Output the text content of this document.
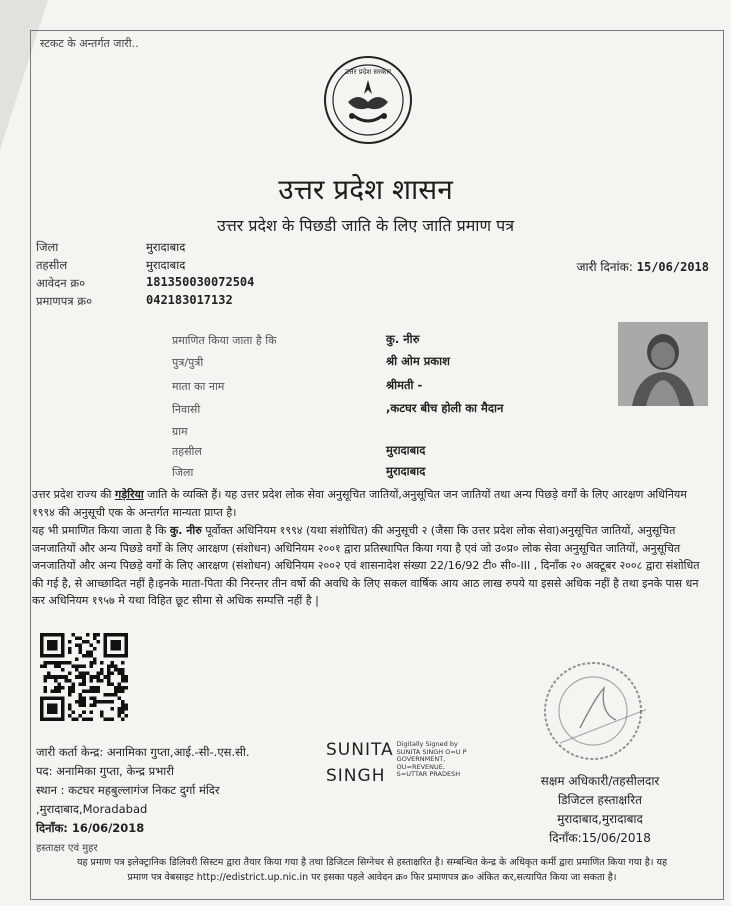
स्टकट के अन्तर्गत जारी..
उत्तर प्रदेश सरकार
उत्तर प्रदेश शासन
उत्तर प्रदेश के पिछडी जाति के लिए जाति प्रमाण पत्र
जिला	मुरादाबाद
तहसील	मुरादाबाद
आवेदन क्र०	181350030072504
प्रमाणपत्र क्र०	042183017132
जारी दिनांक: 15/06/2018
प्रमाणित किया जाता है कि	कु. नीरु
पुत्र/पुत्री	श्री ओम प्रकाश
माता का नाम	श्रीमती -
निवासी	,कटघर बीच होली का मैदान
ग्राम
तहसील	मुरादाबाद
जिला	मुरादाबाद
उत्तर प्रदेश राज्य की गड़ेरिया जाति के व्यक्ति हैं। यह उत्तर प्रदेश लोक सेवा अनुसूचित जातियों,अनुसूचित जन जातियों तथा अन्य पिछड़े वर्गों के लिए आरक्षण अधिनियम १९९४ की अनुसूची एक के अन्तर्गत मान्यता प्राप्त है।
यह भी प्रमाणित किया जाता है कि कु. नीरु पूर्वोक्त अधिनियम १९९४ (यथा संशोधित) की अनुसूची २ (जैसा कि उत्तर प्रदेश लोक सेवा)अनुसूचित जातियों, अनुसूचित जनजातियों और अन्य पिछडे वर्गों के लिए आरक्षण (संशोधन) अधिनियम २००१ द्वारा प्रतिस्थापित किया गया है एवं जो उ०प्र० लोक सेवा अनुसूचित जातियों, अनुसूचित जनजातियों और अन्य पिछड़े वर्गों के लिए आरक्षण (संशोधन) अधिनियम २००२ एवं शासनादेश संख्या 22/16/92 टी० सी०-III , दिनाँक २० अक्टूबर २००८ द्वारा संशोधित की गई है, से आच्छादित नहीं है।इनके माता-पिता की निरन्तर तीन वर्षो की अवधि के लिए सकल वार्षिक आय आठ लाख रुपये या इससे अधिक नहीं है तथा इनके पास धन कर अधिनियम १९५७ मे यथा विहित छूट सीमा से अधिक सम्पत्ति नहीं है |
जारी कर्ता केन्द्र: अनामिका गुप्ता,आई.-सी-.एस.सी.
पद: अनामिका गुप्ता, केन्द्र प्रभारी
स्थान : कटघर महबुल्लागंज निकट दुर्गा मंदिर
,मुरादाबाद,Moradabad
दिनाँक: 16/06/2018
हस्ताक्षर एवं मुहर
SUNITA
SINGH
Digitally Signed by
SUNITA SINGH O=U P
GOVERNMENT,
OU=REVENUE,
S=UTTAR PRADESH	सक्षम अधिकारी/तहसीलदार
डिजिटल हस्ताक्षरित
मुरादाबाद,मुरादाबाद
दिनाँक:15/06/2018
यह प्रमाण पत्र इलेक्ट्रानिक डिलिवरी सिस्टम द्वारा तैयार किया गया है तथा डिजिटल सिग्नेचर से हस्ताक्षरित है। सम्बन्धित केन्द्र के अधिकृत कर्मी द्वारा प्रमाणित किया गया है। यह
प्रमाण पत्र वेबसाइट http://edistrict.up.nic.in पर इसका पहले आवेदन क्र० फिर प्रमाणपत्र क्र० अंकित कर,सत्यापित किया जा सकता है।
